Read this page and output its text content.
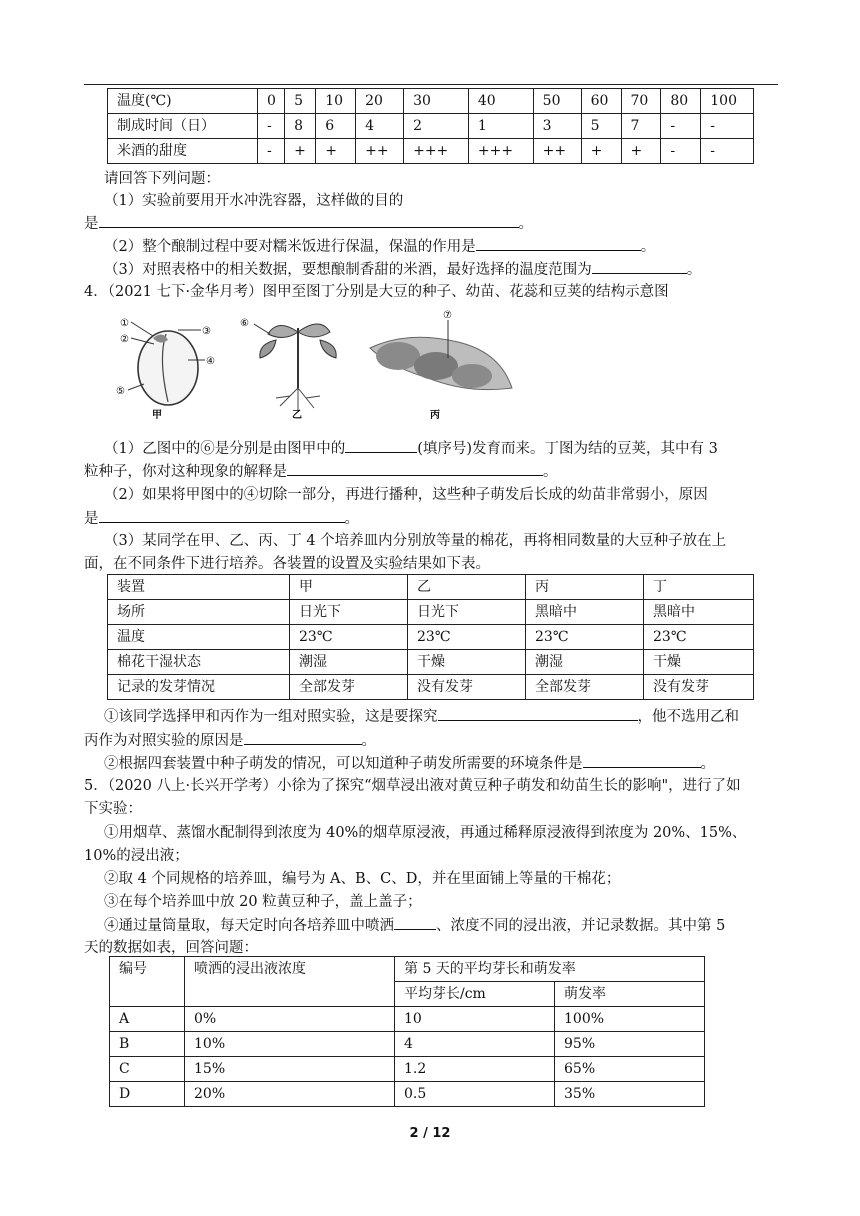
温度(℃)	0	5	10	20	30	40	50	60	70	80	100
制成时间（日）	-	8	6	4	2	1	3	5	7	-	-
米酒的甜度	-	+	+	++	+++	+++	++	+	+	-	-
请回答下列问题：
（1）实验前要用开水冲洗容器，这样做的目的
是	。
（2）整个酿制过程中要对糯米饭进行保温，保温的作用是	。
（3）对照表格中的相关数据，要想酿制香甜的米酒，最好选择的温度范围为	。
4．（2021 七下·金华月考）图甲至图丁分别是大豆的种子、幼苗、花蕊和豆荚的结构示意图
①
②
③
④
⑤
甲
⑥
乙
⑦
丙
（1）乙图中的⑥是分别是由图甲中的	(填序号)发育而来。丁图为结的豆荚，其中有 3
粒种子，你对这种现象的解释是	。
（2）如果将甲图中的④切除一部分，再进行播种，这些种子萌发后长成的幼苗非常弱小，原因
是	。
（3）某同学在甲、乙、丙、丁 4 个培养皿内分别放等量的棉花，再将相同数量的大豆种子放在上
面，在不同条件下进行培养。各装置的设置及实验结果如下表。
装置	甲	乙	丙	丁
场所	日光下	日光下	黑暗中	黑暗中
温度	23℃	23℃	23℃	23℃
棉花干湿状态	潮湿	干燥	潮湿	干燥
记录的发芽情况	全部发芽	没有发芽	全部发芽	没有发芽
①该同学选择甲和丙作为一组对照实验，这是要探究	，他不选用乙和
丙作为对照实验的原因是	。
②根据四套装置中种子萌发的情况，可以知道种子萌发所需要的环境条件是	。
5．（2020 八上·长兴开学考）小徐为了探究“烟草浸出液对黄豆种子萌发和幼苗生长的影响"，进行了如
下实验：
①用烟草、蒸馏水配制得到浓度为 40%的烟草原浸液，再通过稀释原浸液得到浓度为 20%、15%、
10%的浸出液；
②取 4 个同规格的培养皿，编号为 A、B、C、D，并在里面铺上等量的干棉花；
③在每个培养皿中放 20 粒黄豆种子，盖上盖子；
④通过量筒量取，每天定时向各培养皿中喷洒	、浓度不同的浸出液，并记录数据。其中第 5
天的数据如表，回答问题：
编号	喷洒的浸出液浓度	第 5 天的平均芽长和萌发率	
		平均芽长/cm	萌发率
A	0%	10	100%
B	10%	4	95%
C	15%	1.2	65%
D	20%	0.5	35%
2 / 12
